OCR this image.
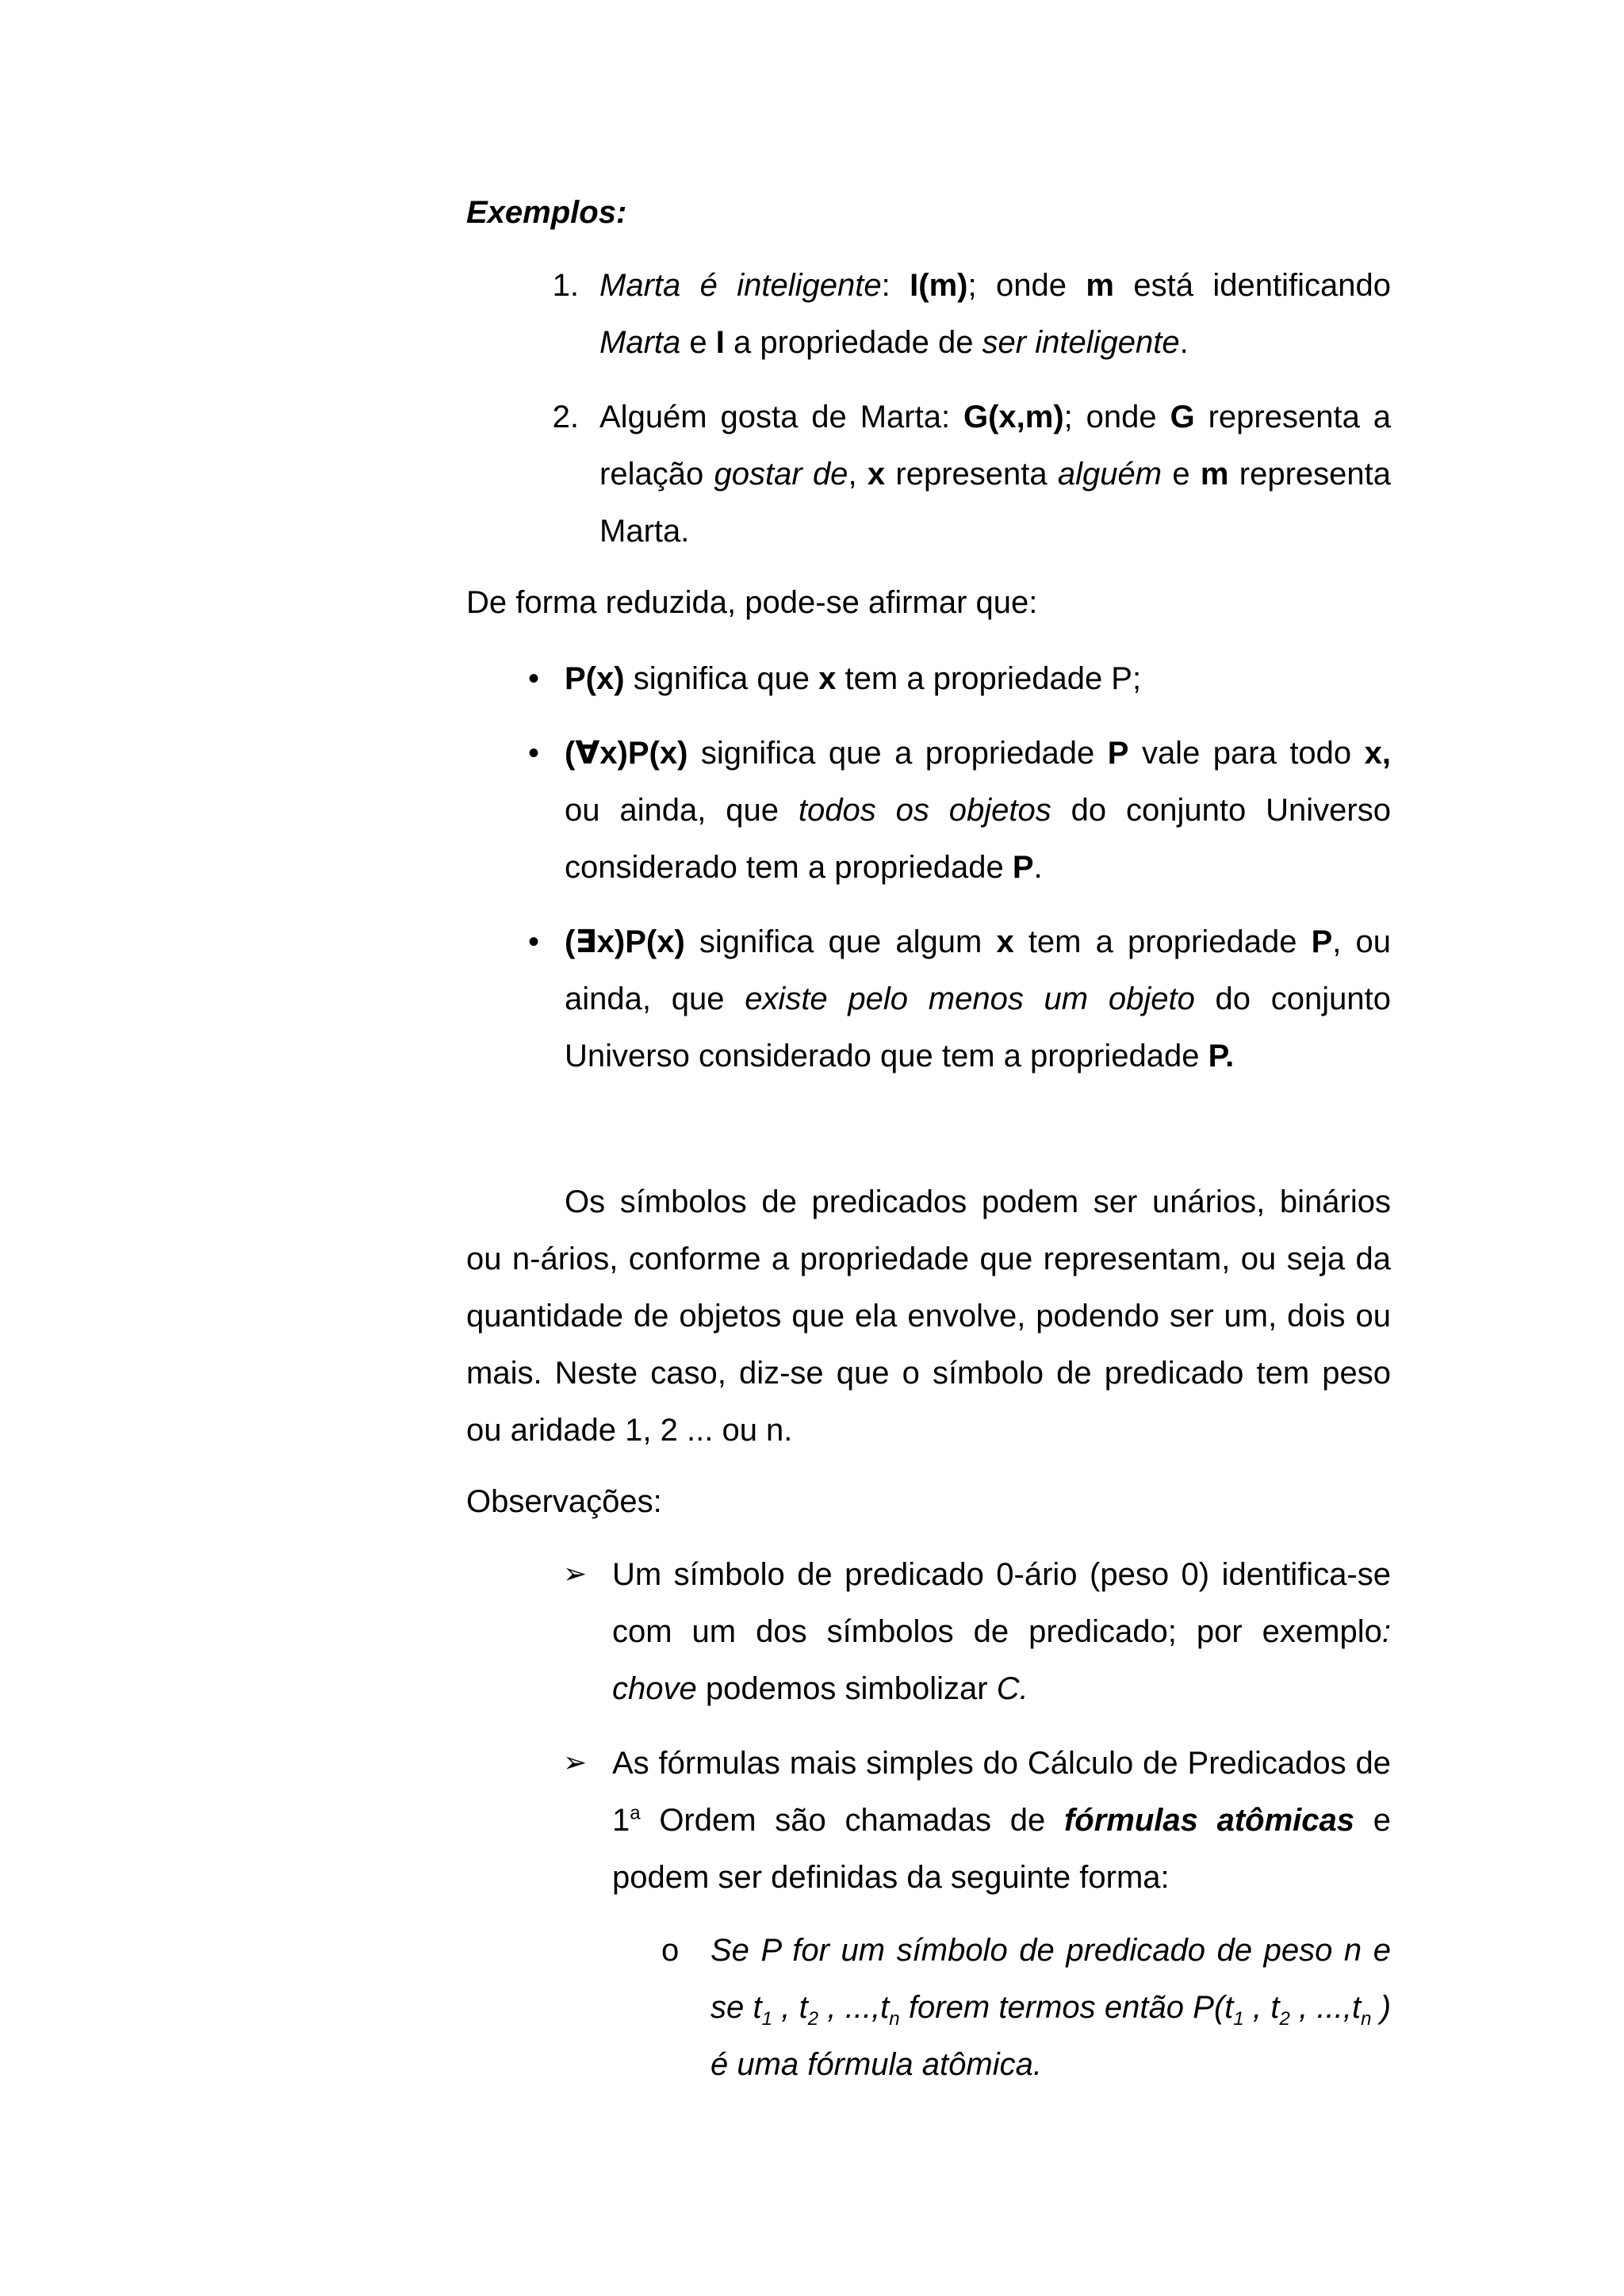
Exemplos:
1. Marta é inteligente: I(m); onde m está identificando Marta e I a propriedade de ser inteligente.

2. Alguém gosta de Marta: G(x,m); onde G representa a relação gostar de, x representa alguém e m representa Marta.

De forma reduzida, pode-se afirmar que:

• P(x) significa que x tem a propriedade P;

• (∀x)P(x) significa que a propriedade P vale para todo x, ou ainda, que todos os objetos do conjunto Universo considerado tem a propriedade P.

• (∃x)P(x) significa que algum x tem a propriedade P, ou ainda, que existe pelo menos um objeto do conjunto Universo considerado que tem a propriedade P.

Os símbolos de predicados podem ser unários, binários ou n-ários, conforme a propriedade que representam, ou seja da quantidade de objetos que ela envolve, podendo ser um, dois ou mais. Neste caso, diz-se que o símbolo de predicado tem peso ou aridade 1, 2 ... ou n.

Observações:

➢ Um símbolo de predicado 0-ário (peso 0) identifica-se com um dos símbolos de predicado; por exemplo: chove podemos simbolizar C.

➢ As fórmulas mais simples do Cálculo de Predicados de 1$^a$ Ordem são chamadas de fórmulas atômicas e podem ser definidas da seguinte forma:

o Se P for um símbolo de predicado de peso n e se $t_1$ , $t_2$ , $...,t_n$ forem termos então $P(t_1$ , $t_2$ , $...,t_n$ ) é uma fórmula atômica.
